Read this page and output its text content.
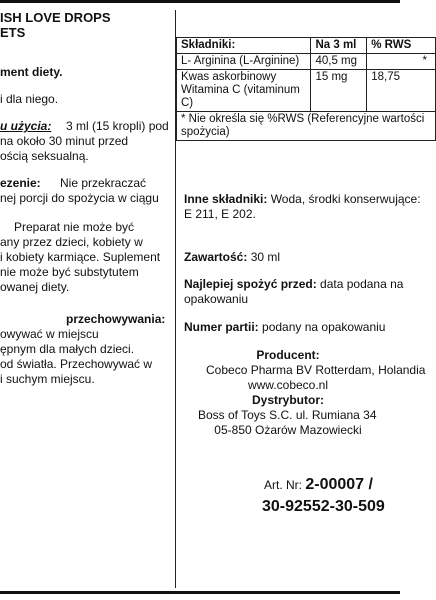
ISH LOVE DROPS
ETS
ment diety.
i dla niego.
u użycia: 3 ml (15 kropli) pod
na około 30 minut przed
ością seksualną.
ezenie: Nie przekraczać
nej porcji do spożycia w ciągu
Preparat nie może być
any przez dzieci, kobiety w
i kobiety karmiące. Suplement
nie może być substytutem
owanej diety.
przechowywania:
owywać w miejscu
ępnym dla małych dzieci.
od światła. Przechowywać w
i suchym miejscu.
Składniki:	Na 3 ml	% RWS
L- Arginina (L-Arginine)	40,5 mg	*
Kwas askorbinowy Witamina C (vitaminum C)	15 mg	18,75
* Nie określa się %RWS (Referencyjne wartości spożycia)		
Inne składniki: Woda, środki konserwujące:
E 211, E 202.
Zawartość: 30 ml
Najlepiej spożyć przed: data podana na
opakowaniu
Numer partii: podany na opakowaniu
Producent:
Cobeco Pharma BV Rotterdam, Holandia
www.cobeco.nl
Dystrybutor:
Boss of Toys S.C. ul. Rumiana 34
05-850 Ożarów Mazowiecki
Art. Nr: 2-00007 /
30-92552-30-509
